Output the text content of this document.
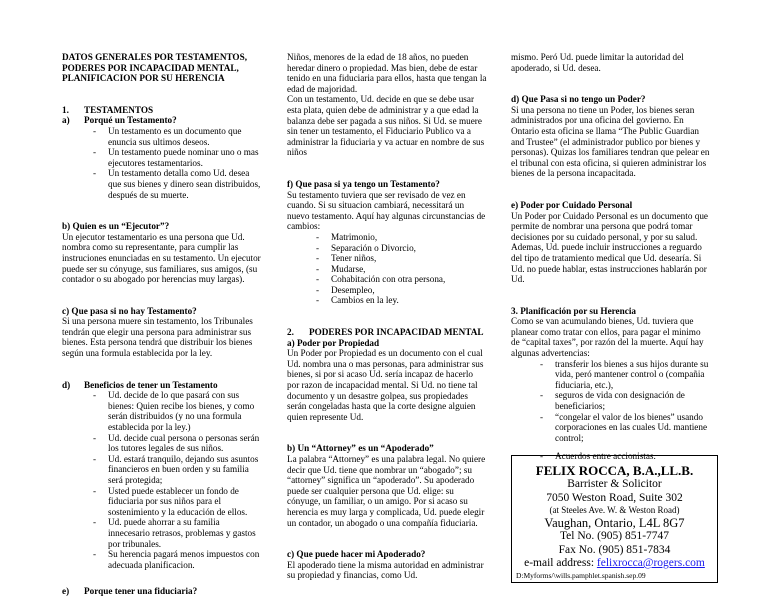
DATOS GENERALES POR TESTAMENTOS, PODERES POR INCAPACIDAD MENTAL, PLANIFICACION POR SU HERENCIA

1.	TESTAMENTOS
a)	Porqué un Testamento?
-	Un testamento es un documento que enuncia sus ultimos deseos.
-	Un testamento puede nominar uno o mas ejecutores testamentarios.
-	Un testamento detalla como Ud. desea que sus bienes y dinero sean distribuidos, después de su muerte.

b) Quien es un “Ejecutor”?

Un ejecutor testamentario es una persona que Ud. nombra como su representante, para cumplir las instruciones enunciadas en su testamento. Un ejecutor puede ser su cónyuge, sus familiares, sus amigos, (su contador o su abogado por herencias muy largas).

c) Que pasa si no hay Testamento?

Si una persona muere sin testamento, los Tribunales tendrán que elegir una persona para administrar sus bienes. Esta persona tendrá que distribuir los bienes según una formula establecida por la ley.

d)	Beneficios de tener un Testamento
-	Ud. decide de lo que pasará con sus bienes: Quien recibe los bienes, y como serán distribuidos (y no una formula establecida por la ley.)
-	Ud. decide cual persona o personas serán los tutores legales de sus niños.
-	Ud. estará tranquilo, dejando sus asuntos financieros en buen orden y su familia será protegida;
-	Usted puede establecer un fondo de fiduciaria por sus niños para el sostenimiento y la educación de ellos.
-	Ud. puede ahorrar a su familia innecesario retrasos, problemas y gastos por tribunales.
-	Su herencia pagará menos impuestos con adecuada planificacion.
e)	Porque tener una fiduciaria?

Niños, menores de la edad de 18 años, no pueden heredar dinero o propiedad. Mas bien, debe de estar tenido en una fiduciaria para ellos, hasta que tengan la edad de majoridad.

Con un testamento, Ud. decide en que se debe usar esta plata, quien debe de administrar y a que edad la balanza debe ser pagada a sus niños. Si Ud. se muere sin tener un testamento, el Fiduciario Publico va a administrar la fiduciaria y va actuar en nombre de sus niños

f) Que pasa si ya tengo un Testamento?

Su testamento tuviera que ser revisado de vez en cuando. Si su situacion cambiará, necessitará un nuevo testamento. Aquí hay algunas circunstancias de cambios:

-	Matrimonio,
-	Separación o Divorcio,
-	Tener niños,
-	Mudarse,
-	Cohabitación con otra persona,
-	Desempleo,
-	Cambios en la ley.
2.	PODERES POR INCAPACIDAD MENTAL

a) Poder por Propiedad

Un Poder por Propiedad es un documento con el cual Ud. nombra una o mas personas, para administrar sus bienes, si por si acaso Ud. sería incapaz de hacerlo por razon de incapacidad mental. Si Ud. no tiene tal documento y un desastre golpea, sus propiedades serán congeladas hasta que la corte designe alguien quien represente Ud.

b) Un “Attorney” es un “Apoderado”

La palabra “Attorney” es una palabra legal. No quiere decir que Ud. tiene que nombrar un “abogado”; su “attorney” significa un “apoderado”. Su apoderado puede ser cualquier persona que Ud. elige: su cónyuge, un familiar, o un amigo. Por si acaso su herencia es muy larga y complicada, Ud. puede elegir un contador, un abogado o una compañía fiduciaria.

c) Que puede hacer mi Apoderado?

El apoderado tiene la misma autoridad en administrar su propiedad y financias, como Ud.

mismo. Peró Ud. puede limitar la autoridad del apoderado, si Ud. desea.

d) Que Pasa si no tengo un Poder?

Si una persona no tiene un Poder, los bienes seran administrados por una oficina del govierno. En Ontario esta oficina se llama “The Public Guardian and Trustee” (el administrador publico por bienes y personas). Quizas los familiares tendran que pelear en el tribunal con esta oficina, si quieren administrar los bienes de la persona incapacitada.

e) Poder por Cuidado Personal

Un Poder por Cuidado Personal es un documento que permite de nombrar una persona que podrá tomar decisiones por su cuidado personal, y por su salud. Ademas, Ud. puede incluir instrucciones a reguardo del tipo de tratamiento medical que Ud. desearía. Si Ud. no puede hablar, estas instrucciones hablarán por Ud.

3. Planificación por su Herencia

Como se van acumulando bienes, Ud. tuviera que planear como tratar con ellos, para pagar el minimo de “capital taxes”, por razón del la muerte. Aquí hay algunas advertencias:

-	transferir los bienes a sus hijos durante su vida, peró mantener control o (compañia fiduciaria, etc.),
-	seguros de vida con designación de beneficiarios;
-	“congelar el valor de los bienes” usando corporaciones en las cuales Ud. mantiene control;
-	Acuerdos entre accionistas.
FELIX ROCCA, B.A.,LL.B.
Barrister & Solicitor
7050 Weston Road, Suite 302
(at Steeles Ave. W. & Weston Road)
Vaughan, Ontario, L4L 8G7
Tel No. (905) 851-7747
Fax No. (905) 851-7834
e-mail address: felixrocca@rogers.com
D:Myforms/\wills.pamphlet.spanish.sep.09
